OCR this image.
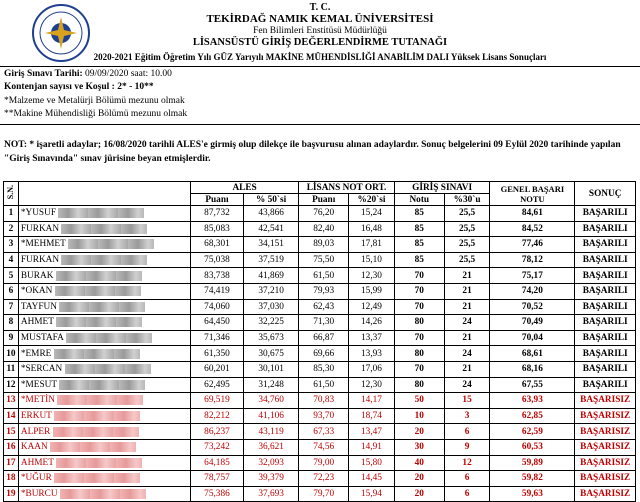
T. C.
TEKİRDAĞ NAMIK KEMAL ÜNİVERSİTESİ
Fen Bilimleri Enstitüsü Müdürlüğü
LİSANSÜSTÜ GİRİŞ DEĞERLENDİRME TUTANAĞI
2020-2021 Eğitim Öğretim Yılı GÜZ Yarıyılı MAKİNE MÜHENDİSLİĞİ ANABİLİM DALI Yüksek Lisans Sonuçları
Giriş Sınavı Tarihi: 09/09/2020 saat: 10.00
Kontenjan sayısı ve Koşul : 2* - 10**
*Malzeme ve Metalürji Bölümü mezunu olmak
**Makine Mühendisliği Bölümü mezunu olmak
NOT: * işaretli adaylar; 16/08/2020 tarihli ALES'e girmiş olup dilekçe ile başvurusu alınan adaylardır. Sonuç belgelerini 09 Eylül 2020 tarihinde yapılan "Giriş Sınavında" sınav jürisine beyan etmişlerdir.
S.N.		ALES		LİSANS NOT ORT.		GİRİŞ SINAVI		GENEL BAŞARI NOTU	SONUÇ
		Puanı	% 50`si	Puanı	%20`si	Notu	%30`u		
1	*YUSUF	87,732	43,866	76,20	15,24	85	25,5	84,61	BAŞARILI
2	FURKAN	85,083	42,541	82,40	16,48	85	25,5	84,52	BAŞARILI
3	*MEHMET	68,301	34,151	89,03	17,81	85	25,5	77,46	BAŞARILI
4	FURKAN	75,038	37,519	75,50	15,10	85	25,5	78,12	BAŞARILI
5	BURAK	83,738	41,869	61,50	12,30	70	21	75,17	BAŞARILI
6	*OKAN	74,419	37,210	79,93	15,99	70	21	74,20	BAŞARILI
7	TAYFUN	74,060	37,030	62,43	12,49	70	21	70,52	BAŞARILI
8	AHMET	64,450	32,225	71,30	14,26	80	24	70,49	BAŞARILI
9	MUSTAFA	71,346	35,673	66,87	13,37	70	21	70,04	BAŞARILI
10	*EMRE	61,350	30,675	69,66	13,93	80	24	68,61	BAŞARILI
11	*SERCAN	60,201	30,101	85,30	17,06	70	21	68,16	BAŞARILI
12	*MESUT	62,495	31,248	61,50	12,30	80	24	67,55	BAŞARILI
13	*METİN	69,519	34,760	70,83	14,17	50	15	63,93	BAŞARISIZ
14	ERKUT	82,212	41,106	93,70	18,74	10	3	62,85	BAŞARISIZ
15	ALPER	86,237	43,119	67,33	13,47	20	6	62,59	BAŞARISIZ
16	KAAN	73,242	36,621	74,56	14,91	30	9	60,53	BAŞARISIZ
17	AHMET	64,185	32,093	79,00	15,80	40	12	59,89	BAŞARISIZ
18	*UĞUR	78,757	39,379	72,23	14,45	20	6	59,82	BAŞARISIZ
19	*BURCU	75,386	37,693	79,70	15,94	20	6	59,63	BAŞARISIZ
